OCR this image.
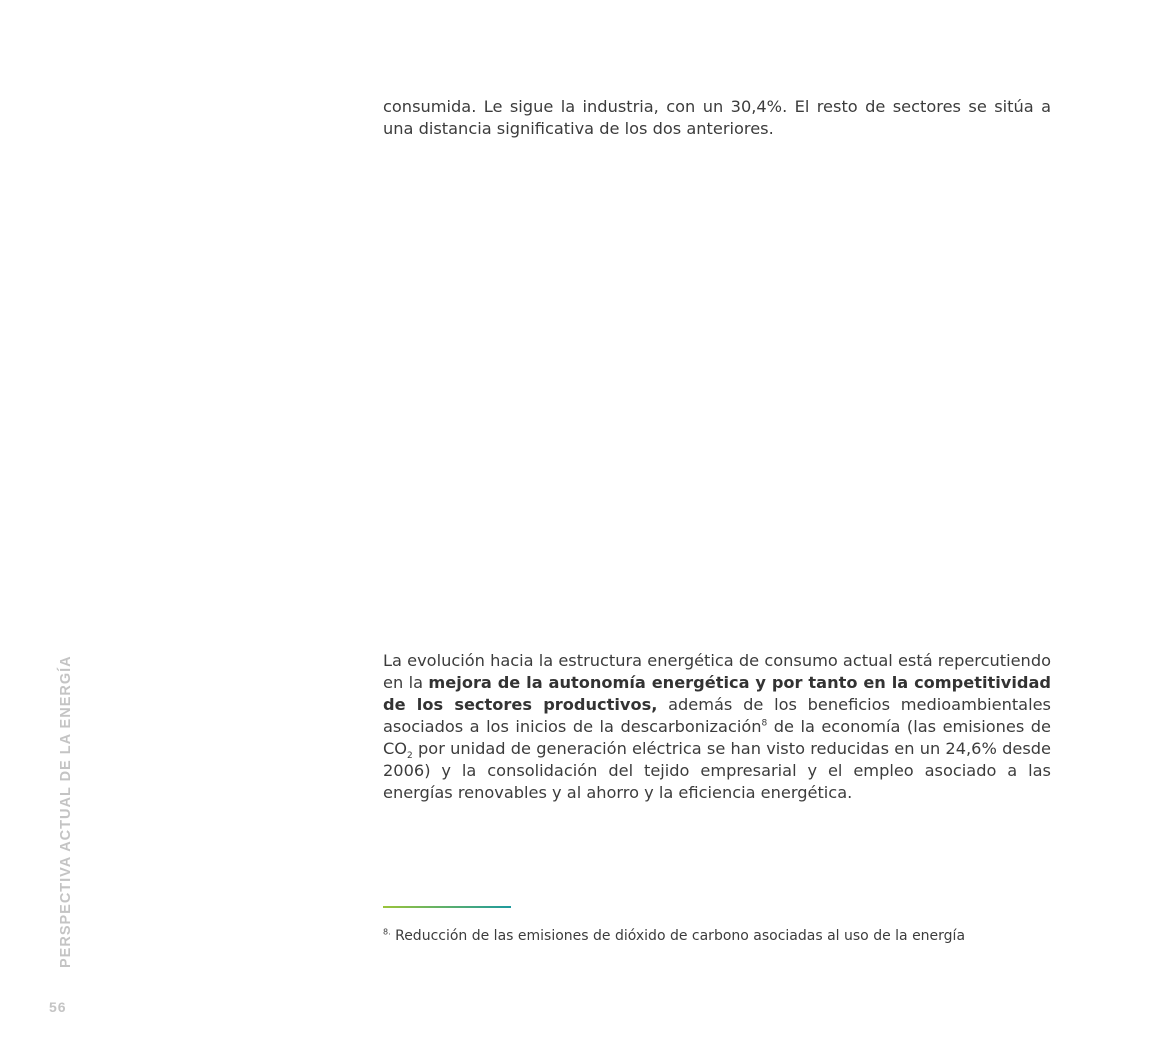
consumida. Le sigue la industria, con un 30,4%. El resto de sectores se sitúa a una distancia significativa de los dos anteriores.

La evolución hacia la estructura energética de consumo actual está repercutiendo en la mejora de la autonomía energética y por tanto en la competitividad de los sectores productivos, además de los beneficios medioambientales asociados a los inicios de la descarbonización$^8$ de la economía (las emisiones de $CO_2$ por unidad de generación eléctrica se han visto reducidas en un 24,6% desde 2006) y la consolidación del tejido empresarial y el empleo asociado a las energías renovables y al ahorro y la eficiencia energética.

$^{8.}$ Reducción de las emisiones de dióxido de carbono asociadas al uso de la energía

PERSPECTIVA ACTUAL DE LA ENERGÍA
56
